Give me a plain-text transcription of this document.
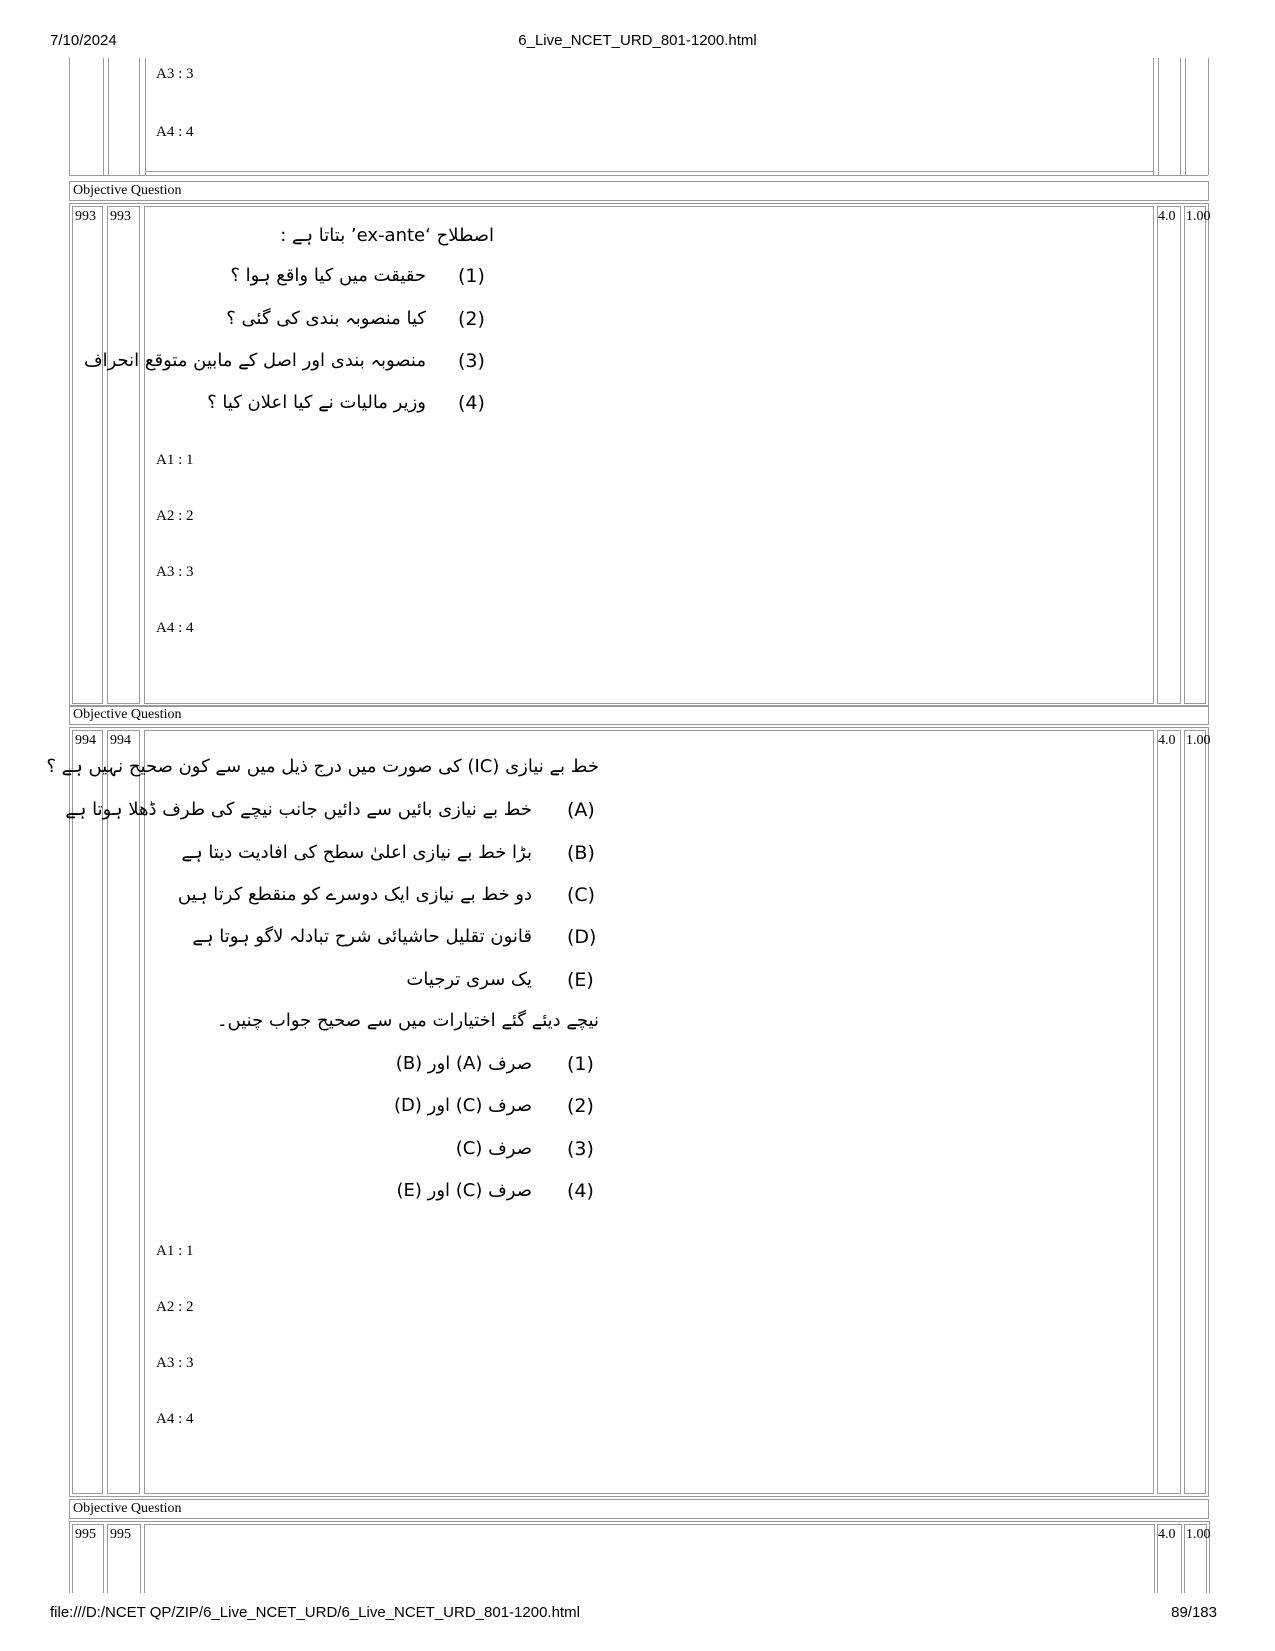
7/10/2024	6_Live_NCET_URD_801-1200.html
A3 : 3
A4 : 4
Objective Question
993 993	4.0 1.00
اصطلاح ‘ex-ante’ بتاتا ہے :
(1)
حقیقت میں کیا واقع ہوا ؟
(2)
کیا منصوبہ بندی کی گئی ؟
(3)
منصوبہ بندی اور اصل کے مابین متوقع انحراف
(4)
وزیر مالیات نے کیا اعلان کیا ؟
A1 : 1
A2 : 2
A3 : 3
A4 : 4
Objective Question
994 994	4.0 1.00
خط بے نیازی (IC) کی صورت میں درج ذیل میں سے کون صحیح نہیں ہے ؟
(A)
خط بے نیازی بائیں سے دائیں جانب نیچے کی طرف ڈھلا ہوتا ہے
(B)
بڑا خط بے نیازی اعلیٰ سطح کی افادیت دیتا ہے
(C)
دو خط بے نیازی ایک دوسرے کو منقطع کرتا ہیں
(D)
قانون تقلیل حاشیائی شرح تبادلہ لاگو ہوتا ہے
(E)
یک سری ترجیات
نیچے دیئے گئے اختیارات میں سے صحیح جواب چنیں۔
(1)
صرف (A) اور (B)
(2)
صرف (C) اور (D)
(3)
صرف (C)
(4)
صرف (C) اور (E)
A1 : 1
A2 : 2
A3 : 3
A4 : 4
Objective Question
995 995	4.0 1.00
file:///D:/NCET QP/ZIP/6_Live_NCET_URD/6_Live_NCET_URD_801-1200.html	89/183
